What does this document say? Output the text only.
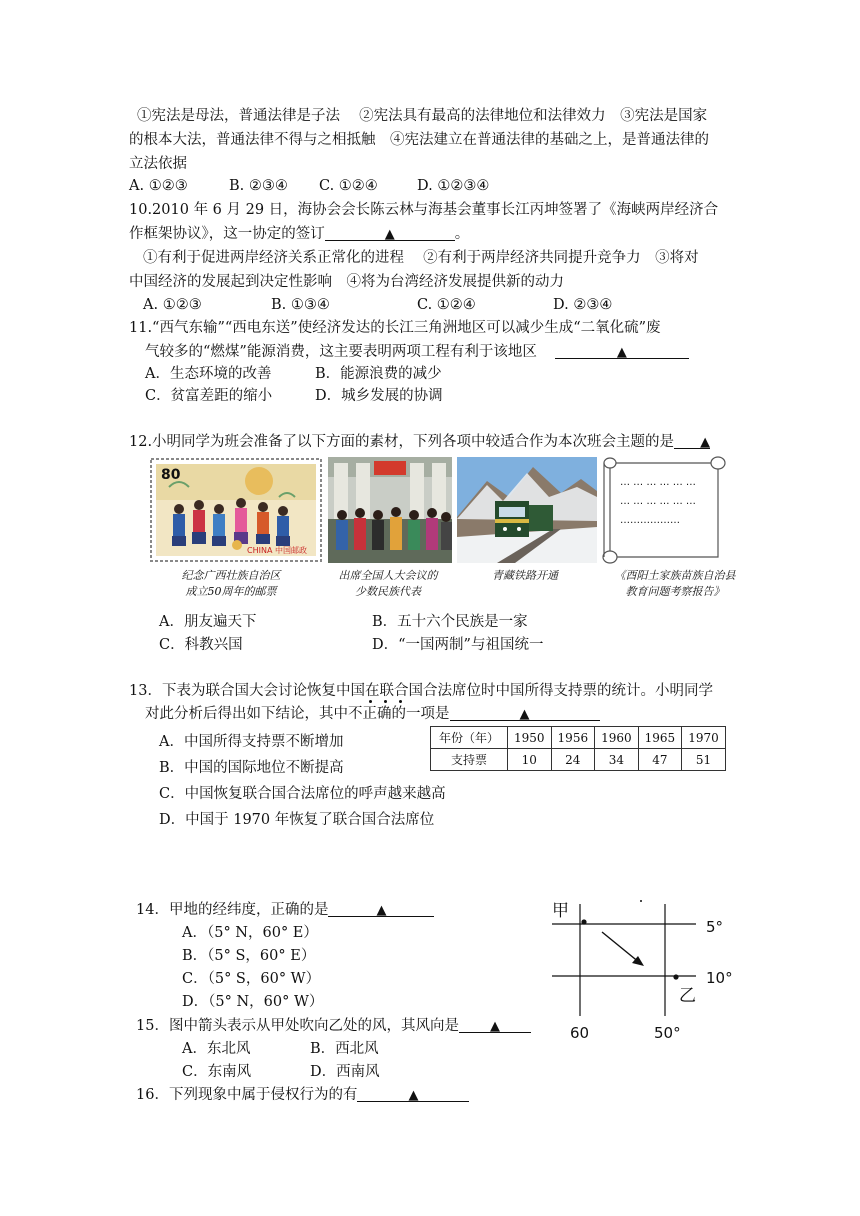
①宪法是母法，普通法律是子法　 ②宪法具有最高的法律地位和法律效力　③宪法是国家
的根本大法，普通法律不得与之相抵触　④宪法建立在普通法律的基础之上，是普通法律的
立法依据
A. ①②③	B. ②③④ C. ①②④	D. ①②③④
10.2010 年 6 月 29 日，海协会会长陈云林与海基会董事长江丙坤签署了《海峡两岸经济合
作框架协议》，这一协定的签订	▲	。
①有利于促进两岸经济关系正常化的进程　 ②有利于两岸经济共同提升竞争力　③将对
中国经济的发展起到决定性影响　④将为台湾经济发展提供新的动力
A. ①②③	B. ①③④	C. ①②④	D. ②③④
11.“西气东输”“西电东送”使经济发达的长江三角洲地区可以减少生成“二氧化硫”废
气较多的“燃煤”能源消费，这主要表明两项工程有利于该地区	▲
A．生态环境的改善	B．能源浪费的减少
C．贫富差距的缩小	D．城乡发展的协调
12.小明同学为班会准备了以下方面的素材，下列各项中较适合作为本次班会主题的是 ▲
80
CHINA 中国邮政
… … … … … …
… … … … … …
………………
纪念广西壮族自治区
成立50周年的邮票
出席全国人大会议的
少数民族代表
青藏铁路开通	《酉阳土家族苗族自治县
教育问题考察报告》
A．朋友遍天下	B．五十六个民族是一家
C．科教兴国	D．“一国两制”与祖国统一
13．下表为联合国大会讨论恢复中国在联合国合法席位时中国所得支持票的统计。小明同学
对此分析后得出如下结论，其中不正确的一项是	▲
A．中国所得支持票不断增加
B．中国的国际地位不断提高
C．中国恢复联合国合法席位的呼声越来越高
D．中国于 1970 年恢复了联合国合法席位
年份（年）	1950	1956	1960	1965	1970
支持票	10	24	34	47	51
14．甲地的经纬度，正确的是	▲
A．（5° N，60° E）
B．（5° S，60° E）
C．（5° S，60° W）
D．（5° N，60° W）
15．图中箭头表示从甲处吹向乙处的风，其风向是 ▲
A．东北风	B．西北风
C．东南风	D．西南风
16．下列现象中属于侵权行为的有	▲
甲
乙
5°
10°
60	50°
